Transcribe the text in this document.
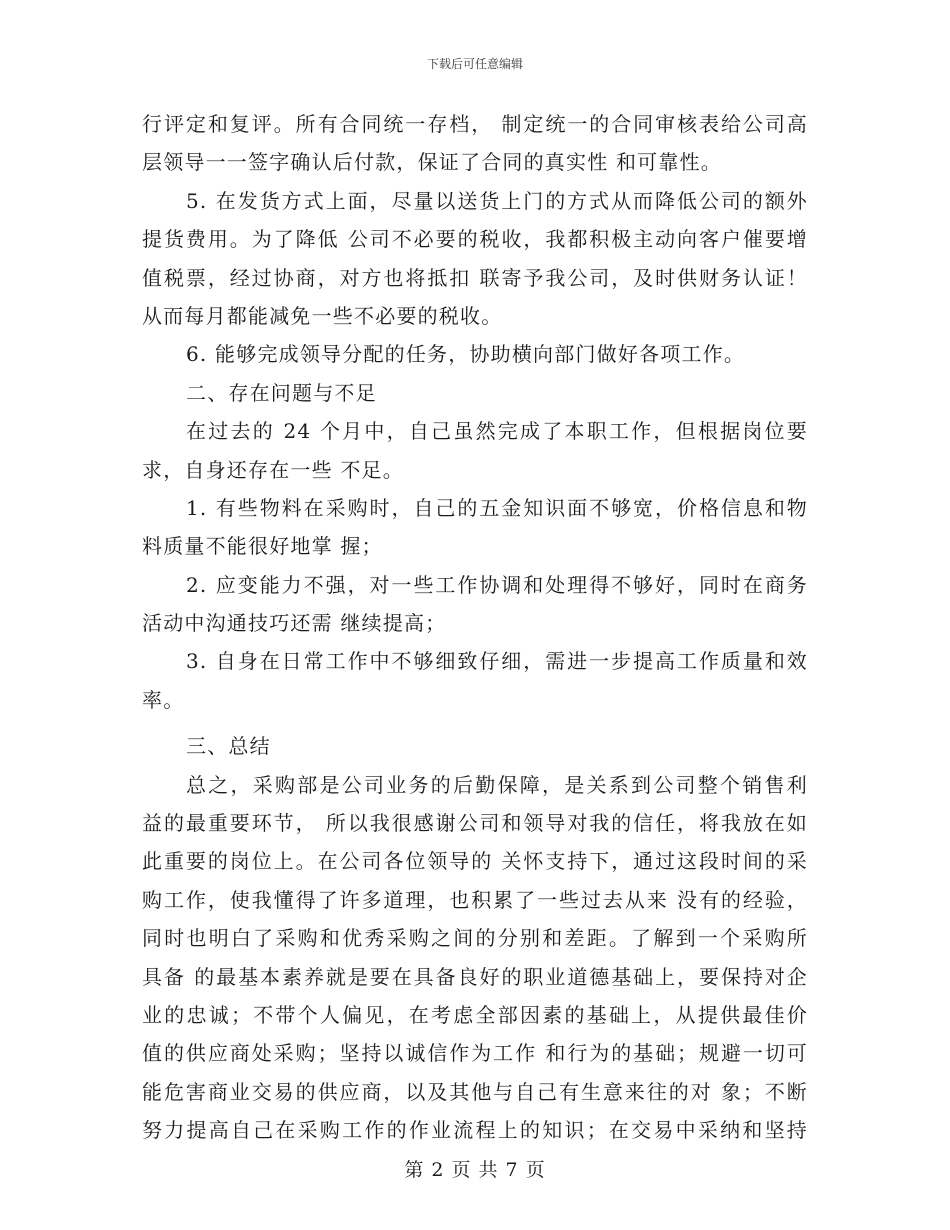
下载后可任意编辑
行评定和复评。所有合同统一存档， 制定统一的合同审核表给公司高
层领导一一签字确认后付款，保证了合同的真实性 和可靠性。
5. 在发货方式上面，尽量以送货上门的方式从而降低公司的额外
提货费用。为了降低 公司不必要的税收，我都积极主动向客户催要增
值税票，经过协商，对方也将抵扣 联寄予我公司，及时供财务认证！
从而每月都能减免一些不必要的税收。
6. 能够完成领导分配的任务，协助横向部门做好各项工作。
二、存在问题与不足
在过去的 24 个月中，自己虽然完成了本职工作，但根据岗位要
求，自身还存在一些 不足。
1. 有些物料在采购时，自己的五金知识面不够宽，价格信息和物
料质量不能很好地掌 握；
2. 应变能力不强，对一些工作协调和处理得不够好，同时在商务
活动中沟通技巧还需 继续提高；
3. 自身在日常工作中不够细致仔细，需进一步提高工作质量和效
率。
三、总结
总之，采购部是公司业务的后勤保障，是关系到公司整个销售利
益的最重要环节， 所以我很感谢公司和领导对我的信任，将我放在如
此重要的岗位上。在公司各位领导的 关怀支持下，通过这段时间的采
购工作，使我懂得了许多道理，也积累了一些过去从来 没有的经验，
同时也明白了采购和优秀采购之间的分别和差距。了解到一个采购所
具备 的最基本素养就是要在具备良好的职业道德基础上，要保持对企
业的忠诚；不带个人偏见，在考虑全部因素的基础上，从提供最佳价
值的供应商处采购；坚持以诚信作为工作 和行为的基础；规避一切可
能危害商业交易的供应商，以及其他与自己有生意来往的对 象；不断
努力提高自己在采购工作的作业流程上的知识；在交易中采纳和坚持
第 2 页 共 7 页
